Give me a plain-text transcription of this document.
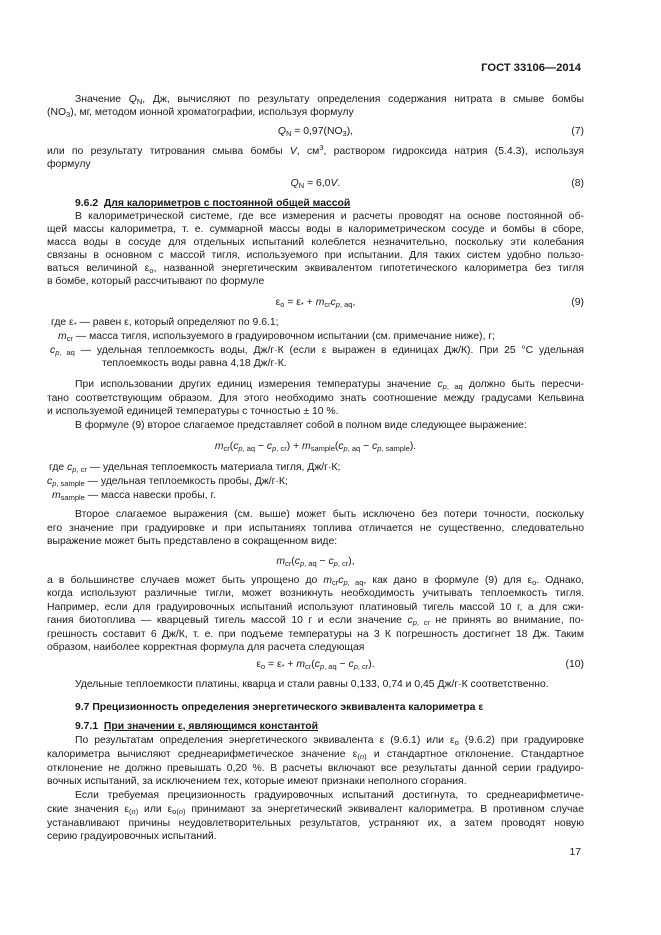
ГОСТ 33106—2014
Значение $Q_N$, Дж, вычисляют по результату определения содержания нитрата в смыве бомбы
$(NO_3)$, мг, методом ионной хроматографии, используя формулу
$Q_N = 0,97(NO_3)$,	(7)
или по результату титрования смыва бомбы V, $см^3$, раствором гидроксида натрия (5.4.3), используя
формулу
$Q_N = 6,0V$.	(8)
9.6.2  Для калориметров с постоянной общей массой
В калориметрической системе, где все измерения и расчеты проводят на основе постоянной об-
щей массы калориметра, т. е. суммарной массы воды в калориметрическом сосуде и бомбы в сборе,
масса воды в сосуде для отдельных испытаний колеблется незначительно, поскольку эти колебания
связаны в основном с массой тигля, используемого при испытании. Для таких систем удобно пользо-
ваться величиной $\varepsilon_o$, названной энергетическим эквивалентом гипотетического калориметра без тигля
в бомбе, который рассчитывают по формуле
$\varepsilon_o = \varepsilon_* + m_{cr}c_{p, aq}$,	(9)
где $\varepsilon_*$ — равен ε, который определяют по 9.6.1;
$m_{cr}$ — масса тигля, используемого в градуировочном испытании (см. примечание ниже), г;
$c_{p, aq}$ — удельная теплоемкость воды, Дж/г·К (если ε выражен в единицах Дж/К). При 25 °С удельная
теплоемкость воды равна 4,18 Дж/г·К.
При использовании других единиц измерения температуры значение $c_{p, aq}$ должно быть пересчи-
тано соответствующим образом. Для этого необходимо знать соотношение между градусами Кельвина
и используемой единицей температуры с точностью ± 10 %.
В формуле (9) второе слагаемое представляет собой в полном виде следующее выражение:
$m_{cr}(c_{p, aq} - c_{p, cr}) + m_{sample}(c_{p, aq} - c_{p, sample})$.
где $c_{p, cr}$ — удельная теплоемкость материала тигля, Дж/г·К;
$c_{p, sample}$ — удельная теплоемкость пробы, Дж/г·К;
$m_{sample}$ — масса навески пробы, г.
Второе слагаемое выражения (см. выше) может быть исключено без потери точности, поскольку
его значение при градуировке и при испытаниях топлива отличается не существенно, следовательно
выражение может быть представлено в сокращенном виде:
$m_{cr}(c_{p, aq} - c_{p, cr})$,
а в большинстве случаев может быть упрощено до $m_{cr}c_{p, aq}$, как дано в формуле (9) для $\varepsilon_o$. Однако,
когда используют различные тигли, может возникнуть необходимость учитывать теплоемкость тигля.
Например, если для градуировочных испытаний используют платиновый тигель массой 10 г, а для сжи-
гания биотоплива — кварцевый тигель массой 10 г и если значение $c_{p, cr}$ не принять во внимание, по-
грешность составит 6 Дж/К, т. е. при подъеме температуры на 3 К погрешность достигнет 18 Дж. Таким
образом, наиболее корректная формула для расчета следующая
$\varepsilon_o = \varepsilon_* + m_{cr}(c_{p, aq} - c_{p, cr})$.	(10)
Удельные теплоемкости платины, кварца и стали равны 0,133, 0,74 и 0,45 Дж/г·К соответственно.
9.7 Прецизионность определения энергетического эквивалента калориметра ε
9.7.1  При значении ε, являющимся константой
По результатам определения энергетического эквивалента ε (9.6.1) или $\varepsilon_o$ (9.6.2) при градуировке
калориметра вычисляют среднеарифметическое значение $\varepsilon_{(n)}$ и стандартное отклонение. Стандартное
отклонение не должно превышать 0,20 %. В расчеты включают все результаты данной серии градуиро-
вочных испытаний, за исключением тех, которые имеют признаки неполного сгорания.
Если требуемая прецизионность градуировочных испытаний достигнута, то среднеарифметиче-
ские значения $\varepsilon_{(n)}$ или $\varepsilon_{o(n)}$ принимают за энергетический эквивалент калориметра. В противном случае
устанавливают причины неудовлетворительных результатов, устраняют их, а затем проводят новую
серию градуировочных испытаний.
17
